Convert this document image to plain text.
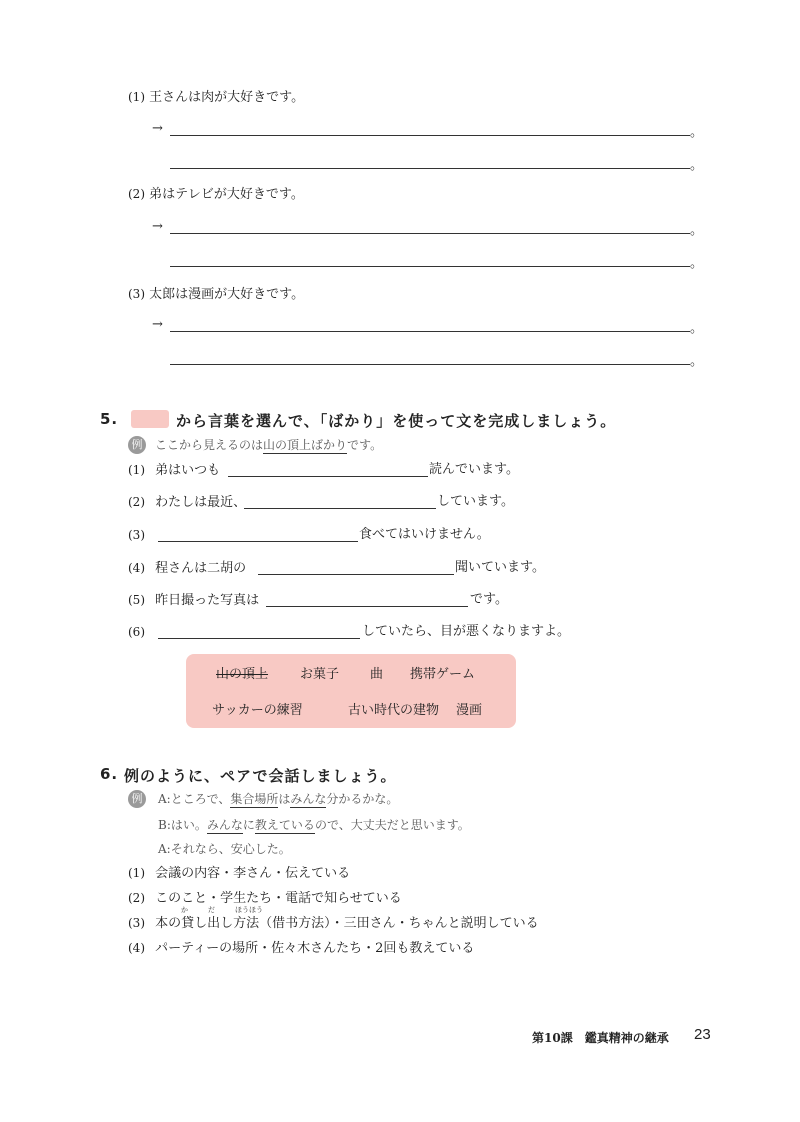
(1) 王さんは肉が大好きです。
→	。
。
(2) 弟はテレビが大好きです。
→	。
。
(3) 太郎は漫画が大好きです。
→	。
。
5.	から言葉を選んで、「ばかり」を使って文を完成しましょう。
例 ここから見えるのは山の頂上ばかりです。
(1) 弟はいつも	読んでいます。
(2) わたしは最近、	しています。
(3)	食べてはいけません。
(4) 程さんは二胡の	聞いています。
(5) 昨日撮った写真は	です。
(6)	していたら、目が悪くなりますよ。
山の頂上 お菓子 曲 携帯ゲーム
サッカーの練習	古い時代の建物 漫画
6. 例のように、ペアで会話しましょう。
例 A:ところで、集合場所はみんな分かるかな。
B:はい。みんなに教えているので、大丈夫だと思います。
A:それなら、安心した。
(1) 会議の内容・李さん・伝えている
(2) このこと・学生たち・電話で知らせている
か	だ	ほうほう
(3) 本の貸し出し方法（借书方法）・三田さん・ちゃんと説明している
(4) パーティーの場所・佐々木さんたち・2回も教えている
第10課　鑑真精神の継承 23
